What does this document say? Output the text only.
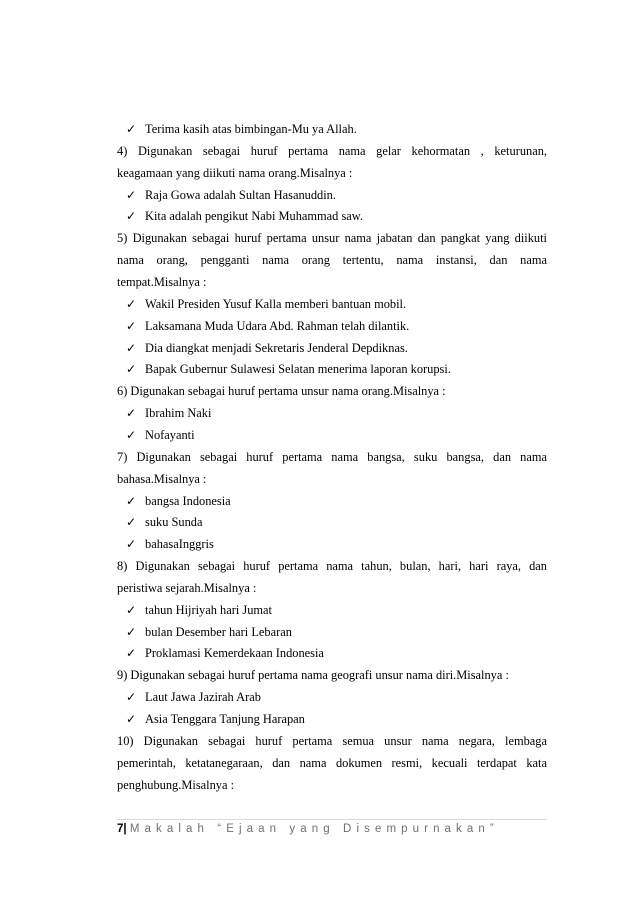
✓ Terima kasih atas bimbingan-Mu ya Allah.
4) Digunakan sebagai huruf pertama nama gelar kehormatan , keturunan,
keagamaan yang diikuti nama orang.Misalnya :
✓ Raja Gowa adalah Sultan Hasanuddin.
✓ Kita adalah pengikut Nabi Muhammad saw.
5) Digunakan sebagai huruf pertama unsur nama jabatan dan pangkat yang diikuti
nama orang, pengganti nama orang tertentu, nama instansi, dan nama
tempat.Misalnya :
✓ Wakil Presiden Yusuf Kalla memberi bantuan mobil.
✓ Laksamana Muda Udara Abd. Rahman telah dilantik.
✓ Dia diangkat menjadi Sekretaris Jenderal Depdiknas.
✓ Bapak Gubernur Sulawesi Selatan menerima laporan korupsi.
6) Digunakan sebagai huruf pertama unsur nama orang.Misalnya :
✓ Ibrahim Naki
✓ Nofayanti
7) Digunakan sebagai huruf pertama nama bangsa, suku bangsa, dan nama
bahasa.Misalnya :
✓ bangsa Indonesia
✓ suku Sunda
✓ bahasaInggris
8) Digunakan sebagai huruf pertama nama tahun, bulan, hari, hari raya, dan
peristiwa sejarah.Misalnya :
✓ tahun Hijriyah hari Jumat
✓ bulan Desember hari Lebaran
✓ Proklamasi Kemerdekaan Indonesia
9) Digunakan sebagai huruf pertama nama geografi unsur nama diri.Misalnya :
✓ Laut Jawa Jazirah Arab
✓ Asia Tenggara Tanjung Harapan
10) Digunakan sebagai huruf pertama semua unsur nama negara, lembaga
pemerintah, ketatanegaraan, dan nama dokumen resmi, kecuali terdapat kata
penghubung.Misalnya :
7| Makalah “Ejaan yang Disempurnakan”
